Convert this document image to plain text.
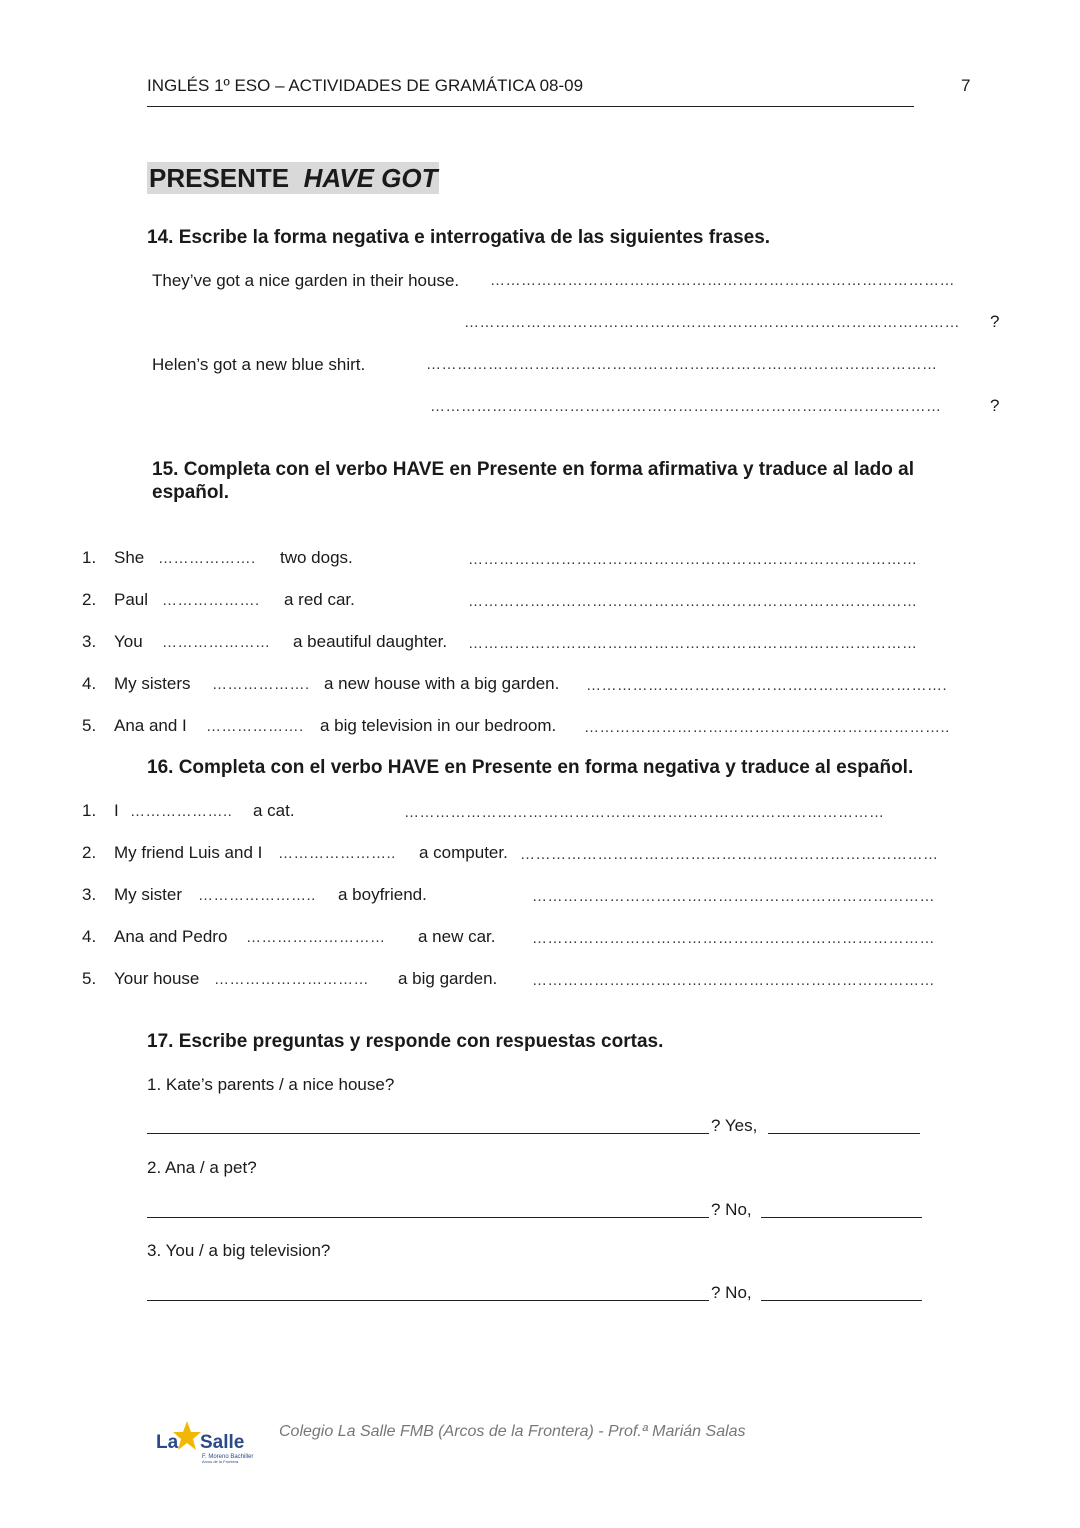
INGLÉS 1º ESO – ACTIVIDADES DE GRAMÁTICA 08-09	7
PRESENTE HAVE GOT
14. Escribe la forma negativa e interrogativa de las siguientes frases.
They’ve got a nice garden in their house. ………………………………………………………………………………
…………………………………………………………………………………… ?
Helen’s got a new blue shirt.	………………………………………………………………………………………
………………………………………………………………………………………	?
15. Completa con el verbo HAVE en Presente en forma afirmativa y traduce al lado al
español.
1. She ………………. two dogs.	……………………………………………………………………………
2. Paul ………………. a red car.	……………………………………………………………………………
3. You ………………… a beautiful daughter. ……………………………………………………………………………
4. My sisters ………………. a new house with a big garden. …………………………………………………………….
5. Ana and I ………………. a big television in our bedroom. ……………………………………………………………..
16. Completa con el verbo HAVE en Presente en forma negativa y traduce al español.
1. I ……………….. a cat.	…………………………………………………………………………………
2. My friend Luis and I ………………….. a computer. ………………………………………………………………………
3. My sister ………………….. a boyfriend.	……………………………………………………………………
4. Ana and Pedro ……………………… a new car. ……………………………………………………………………
5. Your house ………………………… a big garden. ……………………………………………………………………
17. Escribe preguntas y responde con respuestas cortas.
1. Kate’s parents / a nice house?
? Yes,
2. Ana / a pet?
? No,
3. You / a big television?
? No,
La Salle
F. Moreno Bachiller
Arcos de la Frontera
Colegio La Salle FMB (Arcos de la Frontera) - Prof.ª Marián Salas
